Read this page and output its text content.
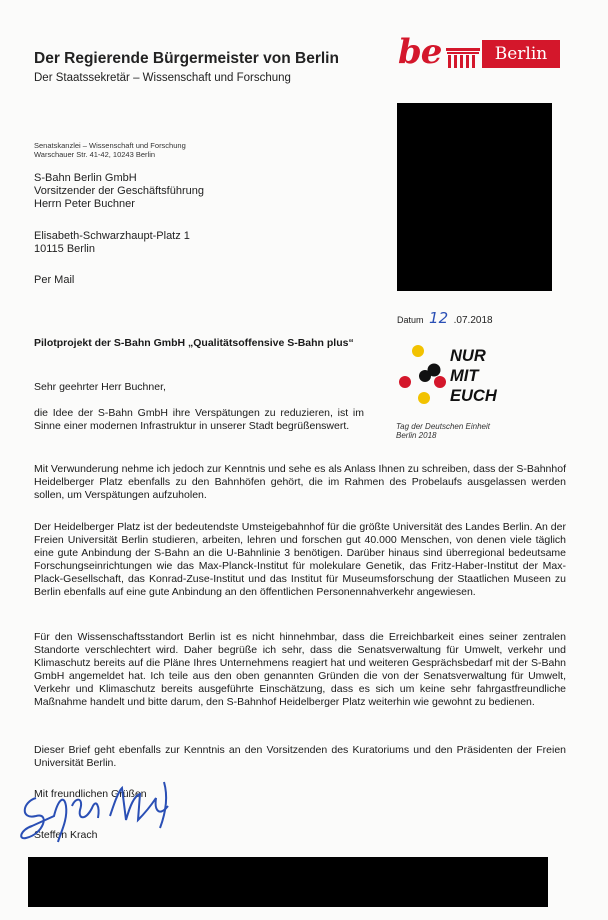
Der Regierende Bürgermeister von Berlin
Der Staatssekretär – Wissenschaft und Forschung
be	Berlin
Senatskanzlei – Wissenschaft und Forschung
Warschauer Str. 41-42, 10243 Berlin
S-Bahn Berlin GmbH
Vorsitzender der Geschäftsführung
Herrn Peter Buchner
Elisabeth-Schwarzhaupt-Platz 1
10115 Berlin
Per Mail
Datum 12 .07.2018
Pilotprojekt der S-Bahn GmbH „Qualitätsoffensive S-Bahn plus“
NUR
MIT
EUCH
Tag der Deutschen Einheit
Berlin 2018
Sehr geehrter Herr Buchner,
die Idee der S-Bahn GmbH ihre Verspätungen zu reduzieren, ist im Sinne einer modernen Infrastruktur in unserer Stadt begrüßenswert.
Mit Verwunderung nehme ich jedoch zur Kenntnis und sehe es als Anlass Ihnen zu schreiben, dass der S-Bahnhof Heidelberger Platz ebenfalls zu den Bahnhöfen gehört, die im Rahmen des Probelaufs ausgelassen werden sollen, um Verspätungen aufzuholen.
Der Heidelberger Platz ist der bedeutendste Umsteigebahnhof für die größte Universität des Landes Berlin. An der Freien Universität Berlin studieren, arbeiten, lehren und forschen gut 40.000 Menschen, von denen viele täglich eine gute Anbindung der S-Bahn an die U-Bahnlinie 3 benötigen. Darüber hinaus sind überregional bedeutsame Forschungseinrichtungen wie das Max-Planck-Institut für molekulare Genetik, das Fritz-Haber-Institut der Max-Plack-Gesellschaft, das Konrad-Zuse-Institut und das Institut für Museumsforschung der Staatlichen Museen zu Berlin ebenfalls auf eine gute Anbindung an den öffentlichen Personennahverkehr angewiesen.
Für den Wissenschaftsstandort Berlin ist es nicht hinnehmbar, dass die Erreichbarkeit eines seiner zentralen Standorte verschlechtert wird. Daher begrüße ich sehr, dass die Senatsverwaltung für Umwelt, verkehr und Klimaschutz bereits auf die Pläne Ihres Unternehmens reagiert hat und weiteren Gesprächsbedarf mit der S-Bahn GmbH angemeldet hat. Ich teile aus den oben genannten Gründen die von der Senatsverwaltung für Umwelt, Verkehr und Klimaschutz bereits ausgeführte Einschätzung, dass es sich um keine sehr fahrgastfreundliche Maßnahme handelt und bitte darum, den S-Bahnhof Heidelberger Platz weiterhin wie gewohnt zu bedienen.
Dieser Brief geht ebenfalls zur Kenntnis an den Vorsitzenden des Kuratoriums und den Präsidenten der Freien Universität Berlin.
Mit freundlichen Grüßen
Steffen Krach
